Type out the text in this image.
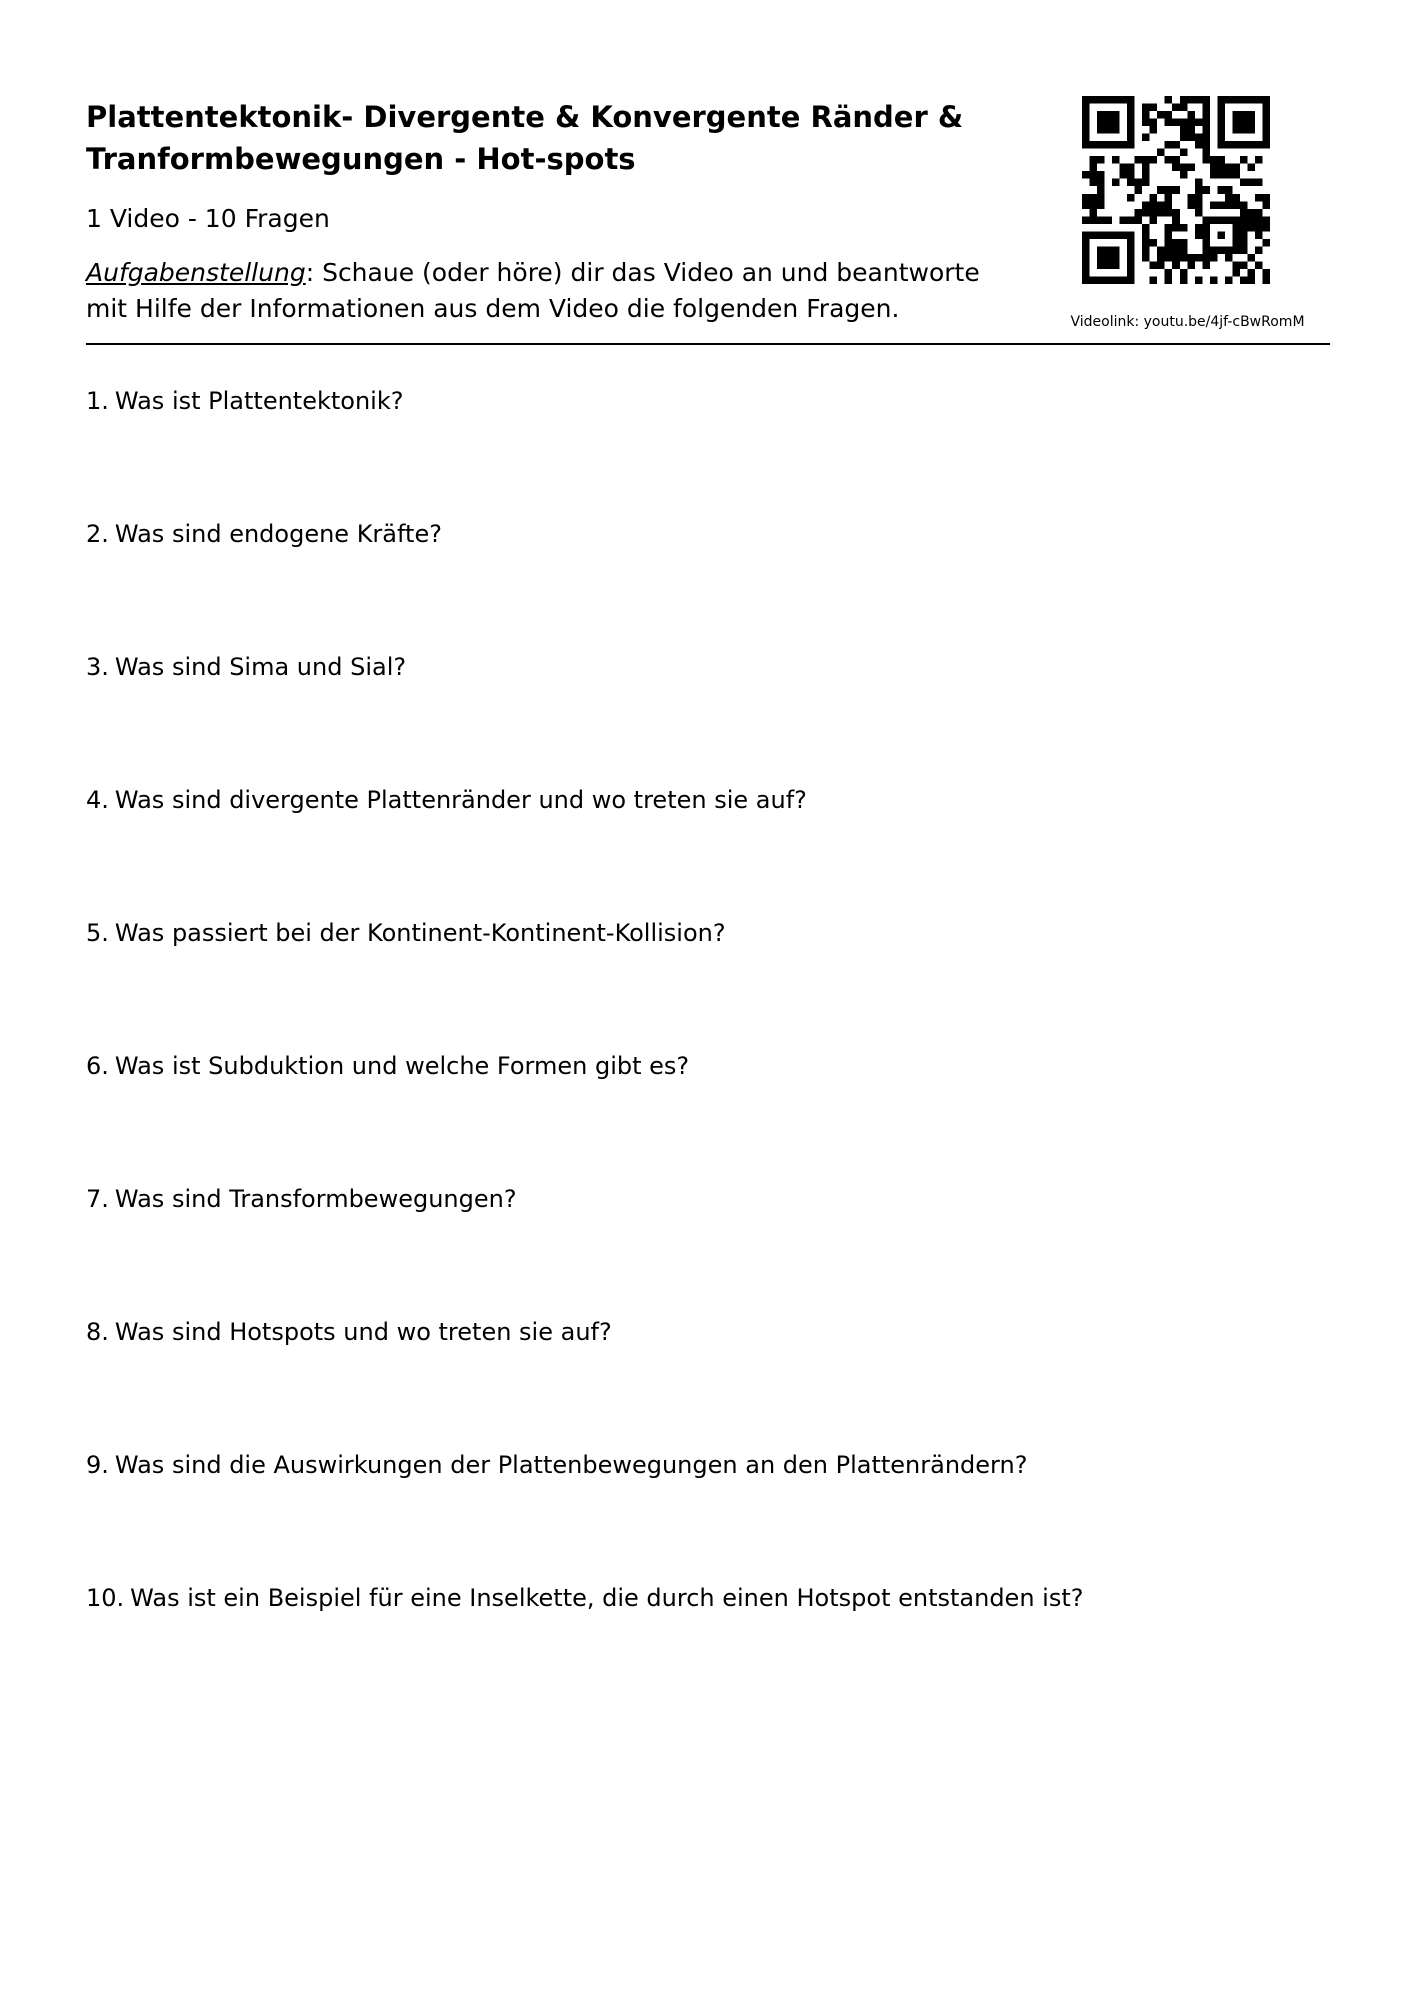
Plattentektonik- Divergente & Konvergente Ränder & Tranformbewegungen - Hot-spots
1 Video - 10 Fragen
Aufgabenstellung: Schaue (oder höre) dir das Video an und beantworte mit Hilfe der Informationen aus dem Video die folgenden Fragen.	Videolink: youtu.be/4jf-cBwRomM
1. Was ist Plattentektonik?
2. Was sind endogene Kräfte?
3. Was sind Sima und Sial?
4. Was sind divergente Plattenränder und wo treten sie auf?
5. Was passiert bei der Kontinent-Kontinent-Kollision?
6. Was ist Subduktion und welche Formen gibt es?
7. Was sind Transformbewegungen?
8. Was sind Hotspots und wo treten sie auf?
9. Was sind die Auswirkungen der Plattenbewegungen an den Plattenrändern?
10. Was ist ein Beispiel für eine Inselkette, die durch einen Hotspot entstanden ist?
